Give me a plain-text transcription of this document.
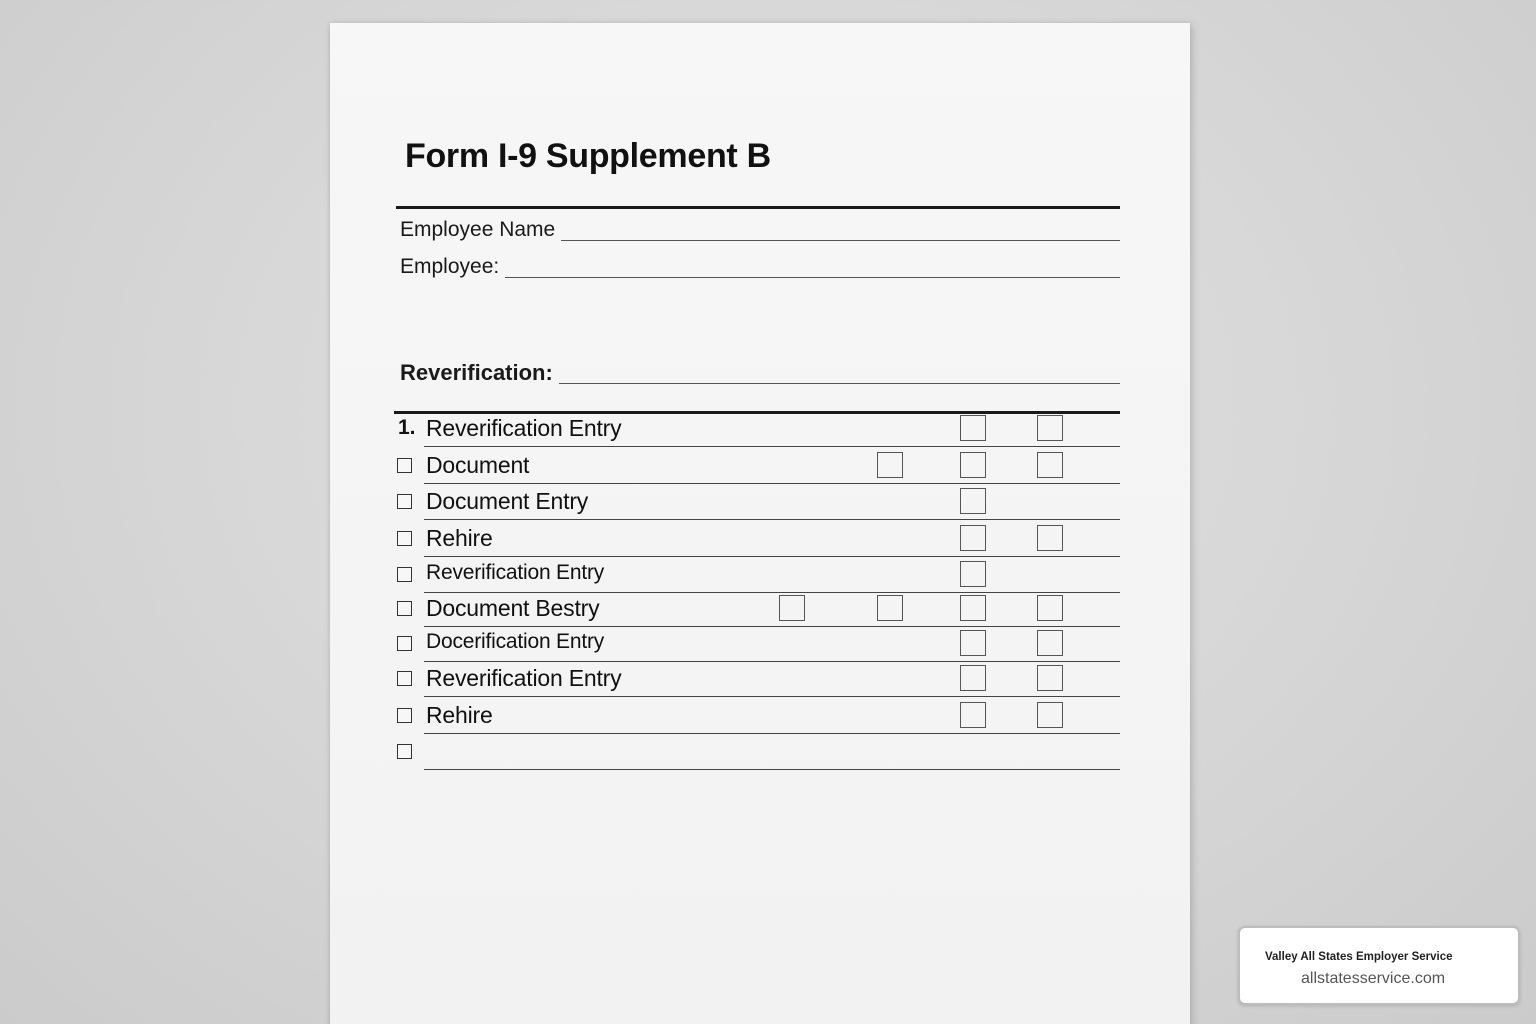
Form I-9 Supplement B
Employee Name
Employee:
Reverification:
1. Reverification Entry
Document
Document Entry
Rehire
Reverification Entry
Document Bestry
Docerification Entry
Reverification Entry
Rehire
Valley All States Employer Service
allstatesservice.com
